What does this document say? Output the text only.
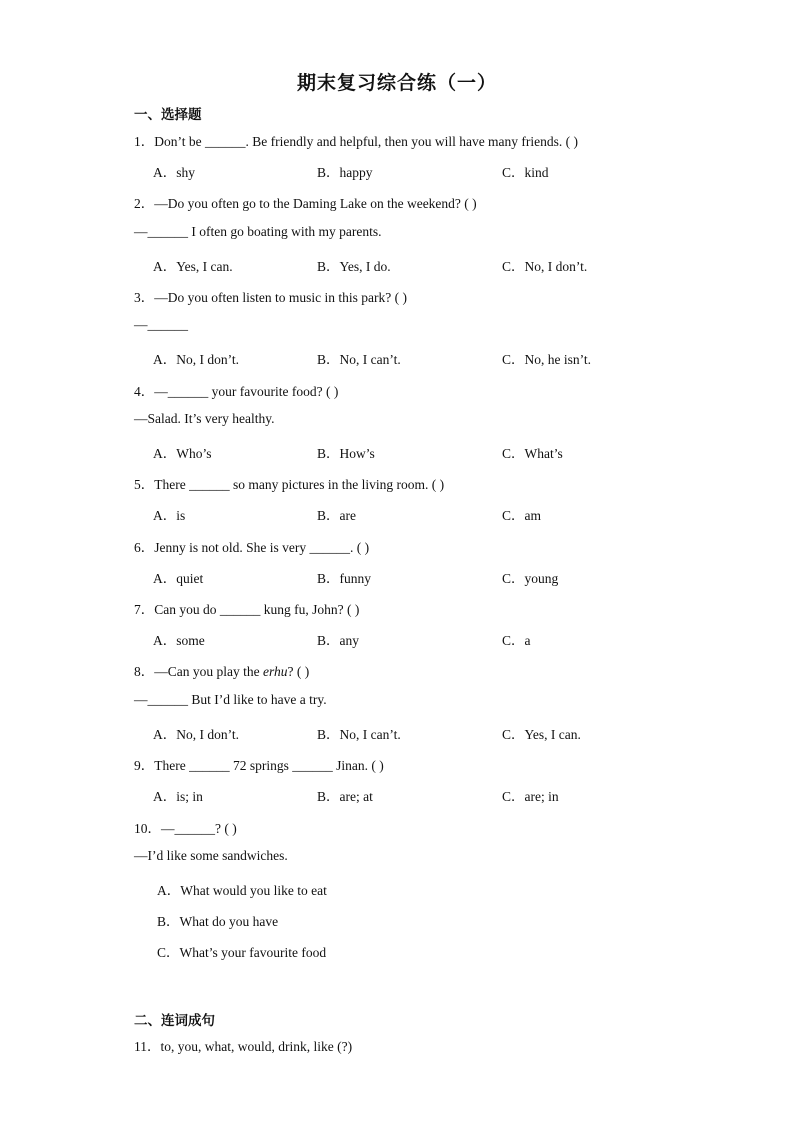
期末复习综合练（一）
一、选择题
1．Don’t be ______. Be friendly and helpful, then you will have many friends. ( )
A．shy	B．happy	C．kind
2．—Do you often go to the Daming Lake on the weekend? ( )
—______ I often go boating with my parents.
A．Yes, I can.	B．Yes, I do.	C．No, I don’t.
3．—Do you often listen to music in this park? ( )
—______
A．No, I don’t.	B．No, I can’t.	C．No, he isn’t.
4．—______ your favourite food? ( )
—Salad. It’s very healthy.
A．Who’s	B．How’s	C．What’s
5．There ______ so many pictures in the living room. ( )
A．is	B．are	C．am
6．Jenny is not old. She is very ______. ( )
A．quiet	B．funny	C．young
7．Can you do ______ kung fu, John? ( )
A．some	B．any	C．a
8．—Can you play the erhu? ( )
—______ But I’d like to have a try.
A．No, I don’t.	B．No, I can’t.	C．Yes, I can.
9．There ______ 72 springs ______ Jinan. ( )
A．is; in	B．are; at	C．are; in
10．—______? ( )
—I’d like some sandwiches.
A．What would you like to eat
B．What do you have
C．What’s your favourite food
二、连词成句
11．to, you, what, would, drink, like (?)
